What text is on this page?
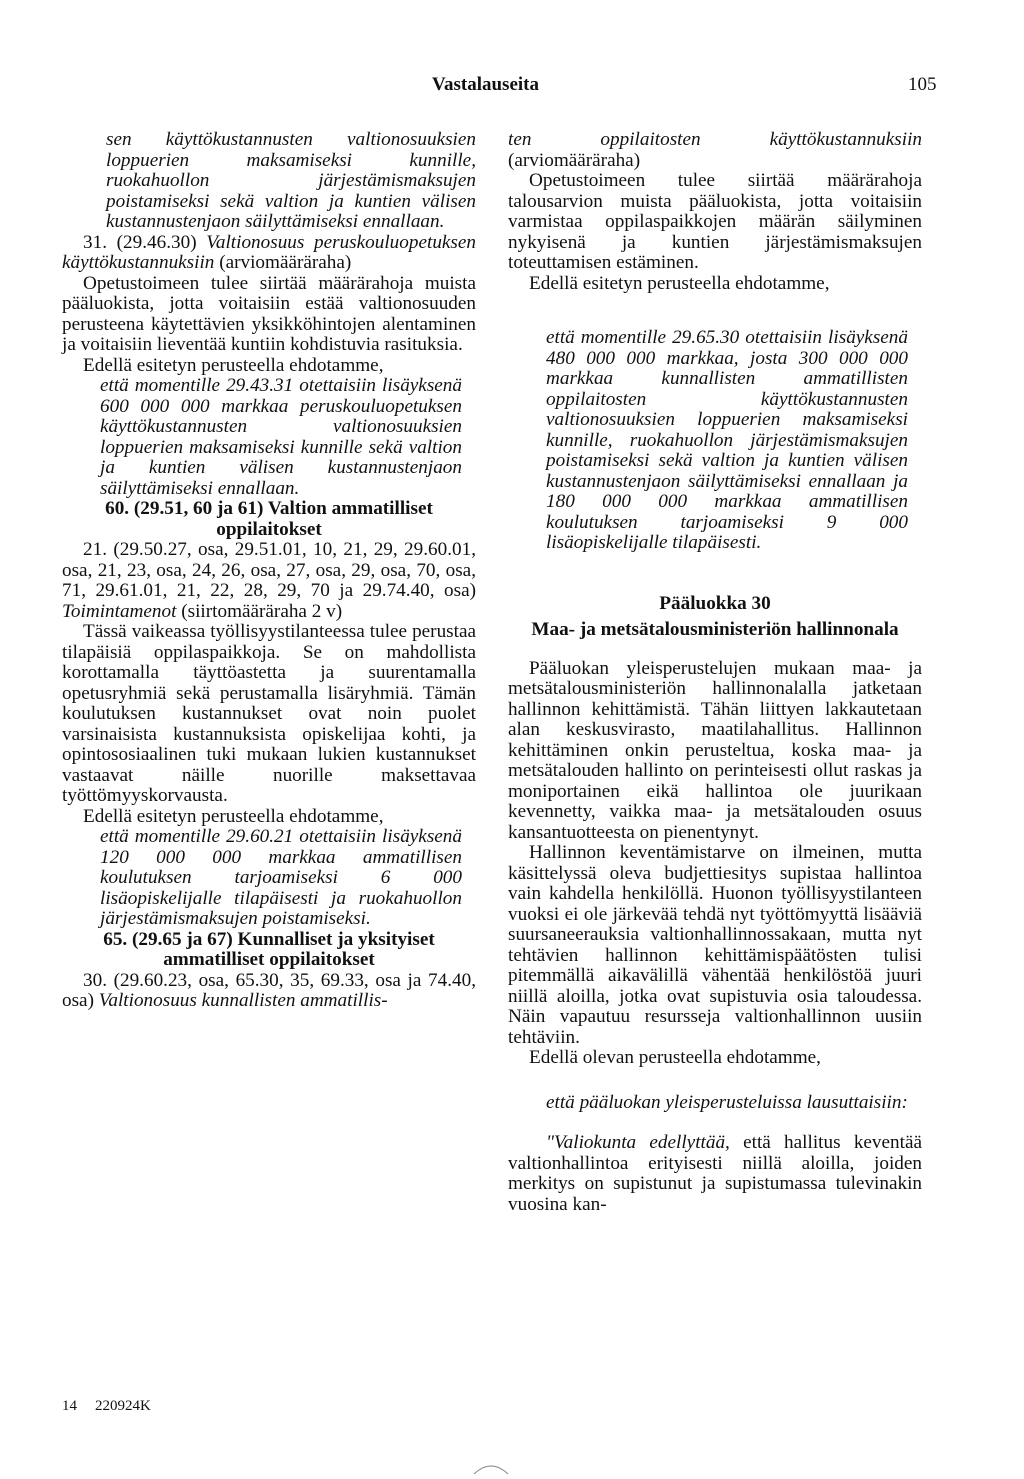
Vastalauseita	105

sen käyttökustannusten valtionosuuksien loppuerien maksamiseksi kunnille, ruokahuollon järjestämismaksujen poistamiseksi sekä valtion ja kuntien välisen kustannustenjaon säilyttämiseksi ennallaan.

31. (29.46.30) Valtionosuus peruskouluopetuksen käyttökustannuksiin (arviomääräraha)

Opetustoimeen tulee siirtää määrärahoja muista pääluokista, jotta voitaisiin estää valtionosuuden perusteena käytettävien yksikköhintojen alentaminen ja voitaisiin lieventää kuntiin kohdistuvia rasituksia.

Edellä esitetyn perusteella ehdotamme,

että momentille 29.43.31 otettaisiin lisäyksenä 600 000 000 markkaa peruskouluopetuksen käyttökustannusten valtionosuuksien loppuerien maksamiseksi kunnille sekä valtion ja kuntien välisen kustannustenjaon säilyttämiseksi ennallaan.

60. (29.51, 60 ja 61) Valtion ammatilliset oppilaitokset

21. (29.50.27, osa, 29.51.01, 10, 21, 29, 29.60.01, osa, 21, 23, osa, 24, 26, osa, 27, osa, 29, osa, 70, osa, 71, 29.61.01, 21, 22, 28, 29, 70 ja 29.74.40, osa) Toimintamenot (siirtomääräraha 2 v)

Tässä vaikeassa työllisyystilanteessa tulee perustaa tilapäisiä oppilaspaikkoja. Se on mahdollista korottamalla täyttöastetta ja suurentamalla opetusryhmiä sekä perustamalla lisäryhmiä. Tämän koulutuksen kustannukset ovat noin puolet varsinaisista kustannuksista opiskelijaa kohti, ja opintososiaalinen tuki mukaan lukien kustannukset vastaavat näille nuorille maksettavaa työttömyyskorvausta.

Edellä esitetyn perusteella ehdotamme,

että momentille 29.60.21 otettaisiin lisäyksenä 120 000 000 markkaa ammatillisen koulutuksen tarjoamiseksi 6 000 lisäopiskelijalle tilapäisesti ja ruokahuollon järjestämismaksujen poistamiseksi.

65. (29.65 ja 67) Kunnalliset ja yksityiset ammatilliset oppilaitokset

30. (29.60.23, osa, 65.30, 35, 69.33, osa ja 74.40, osa) Valtionosuus kunnallisten ammatillis-

ten oppilaitosten käyttökustannuksiin (arviomääräraha)

Opetustoimeen tulee siirtää määrärahoja talousarvion muista pääluokista, jotta voitaisiin varmistaa oppilaspaikkojen määrän säilyminen nykyisenä ja kuntien järjestämismaksujen toteuttamisen estäminen.

Edellä esitetyn perusteella ehdotamme,

että momentille 29.65.30 otettaisiin lisäyksenä 480 000 000 markkaa, josta 300 000 000 markkaa kunnallisten ammatillisten oppilaitosten käyttökustannusten valtionosuuksien loppuerien maksamiseksi kunnille, ruokahuollon järjestämismaksujen poistamiseksi sekä valtion ja kuntien välisen kustannustenjaon säilyttämiseksi ennallaan ja 180 000 000 markkaa ammatillisen koulutuksen tarjoamiseksi 9 000 lisäopiskelijalle tilapäisesti.

Pääluokka 30
Maa- ja metsätalousministeriön hallinnonala

Pääluokan yleisperustelujen mukaan maa- ja metsätalousministeriön hallinnonalalla jatketaan hallinnon kehittämistä. Tähän liittyen lakkautetaan alan keskusvirasto, maatilahallitus. Hallinnon kehittäminen onkin perusteltua, koska maa- ja metsätalouden hallinto on perinteisesti ollut raskas ja moniportainen eikä hallintoa ole juurikaan kevennetty, vaikka maa- ja metsätalouden osuus kansantuotteesta on pienentynyt.

Hallinnon keventämistarve on ilmeinen, mutta käsittelyssä oleva budjettiesitys supistaa hallintoa vain kahdella henkilöllä. Huonon työllisyystilanteen vuoksi ei ole järkevää tehdä nyt työttömyyttä lisääviä suursaneerauksia valtionhallinnossakaan, mutta nyt tehtävien hallinnon kehittämispäätösten tulisi pitemmällä aikavälillä vähentää henkilöstöä juuri niillä aloilla, jotka ovat supistuvia osia taloudessa. Näin vapautuu resursseja valtionhallinnon uusiin tehtäviin.

Edellä olevan perusteella ehdotamme,

että pääluokan yleisperusteluissa lausuttaisiin:

"Valiokunta edellyttää, että hallitus keventää valtionhallintoa erityisesti niillä aloilla, joiden merkitys on supistunut ja supistumassa tulevinakin vuosina kan-

14 220924K
